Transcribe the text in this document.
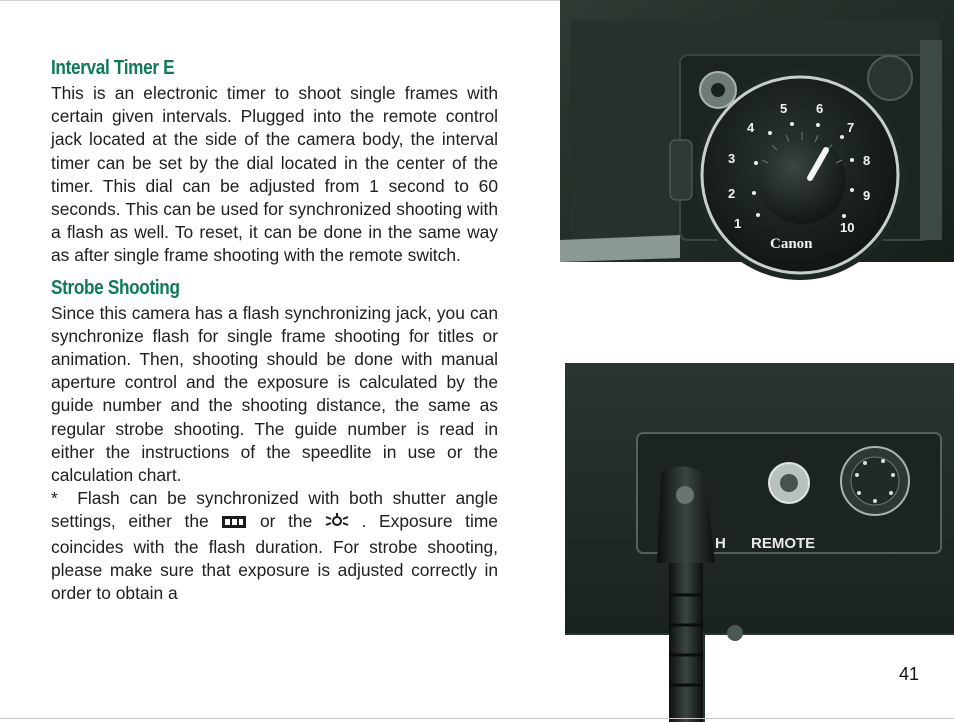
Interval Timer E

This is an electronic timer to shoot single frames with certain given intervals. Plugged into the remote control jack located at the side of the camera body, the interval timer can be set by the dial located in the center of the timer. This dial can be adjusted from 1 second to 60 seconds. This can be used for synchronized shooting with a flash as well. To reset, it can be done in the same way as after single frame shooting with the remote switch.

Strobe Shooting

Since this camera has a flash synchronizing jack, you can synchronize flash for single frame shooting for titles or animation. Then, shooting should be done with manual aperture control and the exposure is calculated by the guide number and the shooting distance, the same as regular strobe shooting. The guide number is read in either the instructions of the speedlite in use or the calculation chart.

* Flash can be synchronized with both shutter angle settings, either the	or the	. Exposure time coincides with the flash duration. For strobe shooting, please make sure that exposure is adjusted correctly in order to obtain a

1
2
3
4
5 6
7
8
9
10
Canon
H REMOTE
41
